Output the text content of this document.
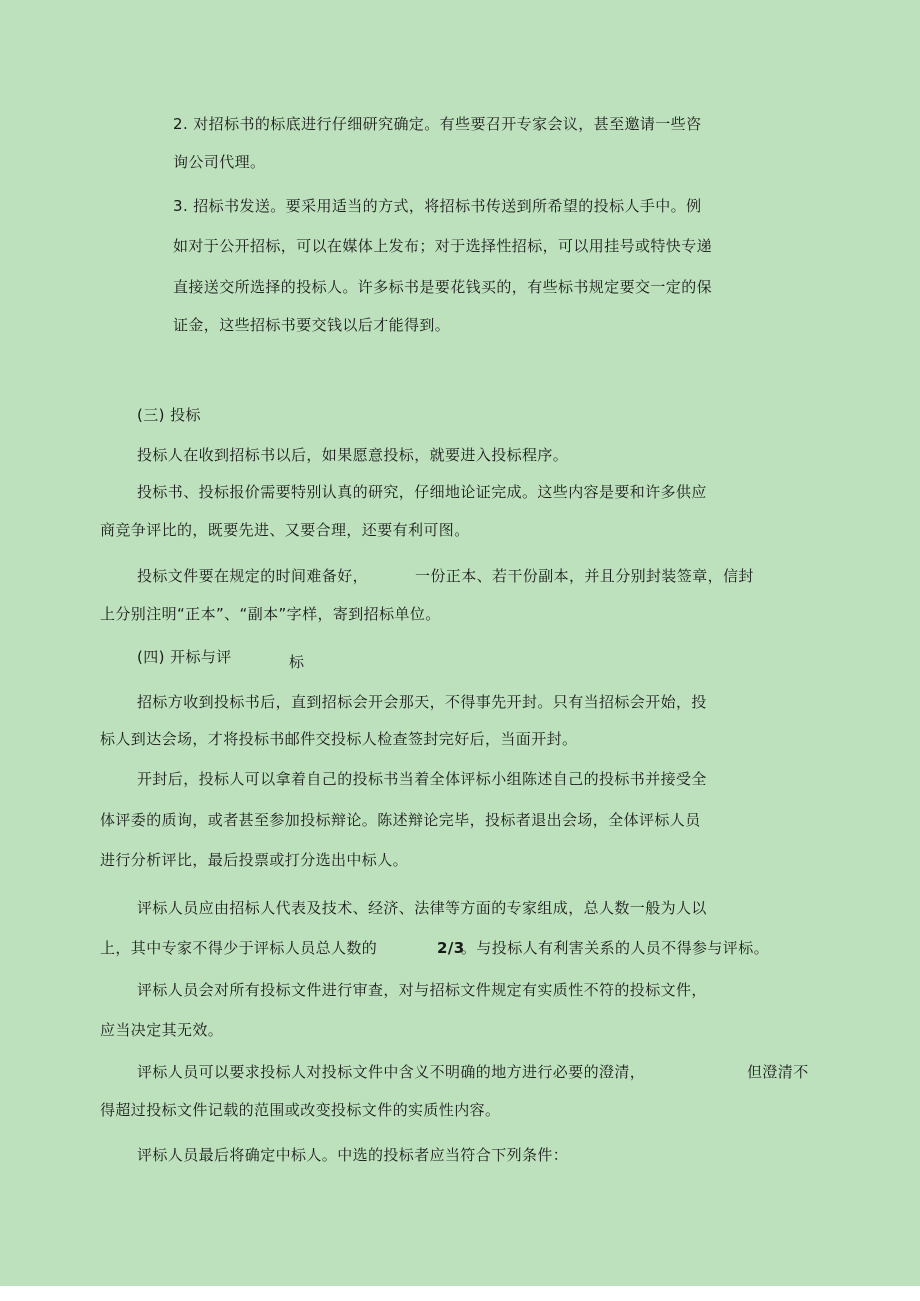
2. 对招标书的标底进行仔细研究确定。有些要召开专家会议，甚至邀请一些咨
询公司代理。
3. 招标书发送。要采用适当的方式，将招标书传送到所希望的投标人手中。例
如对于公开招标，可以在媒体上发布；对于选择性招标，可以用挂号或特快专递
直接送交所选择的投标人。许多标书是要花钱买的，有些标书规定要交一定的保
证金，这些招标书要交钱以后才能得到。
(三) 投标
投标人在收到招标书以后，如果愿意投标，就要进入投标程序。
投标书、投标报价需要特别认真的研究，仔细地论证完成。这些内容是要和许多供应
商竞争评比的，既要先进、又要合理，还要有利可图。
投标文件要在规定的时间难备好，	一份正本、若干份副本，并且分别封装签章，信封
上分别注明“正本”、“副本”字样，寄到招标单位。
(四) 开标与评	标
招标方收到投标书后，直到招标会开会那天，不得事先开封。只有当招标会开始，投
标人到达会场，才将投标书邮件交投标人检查签封完好后，当面开封。
开封后，投标人可以拿着自己的投标书当着全体评标小组陈述自己的投标书并接受全
体评委的质询，或者甚至参加投标辩论。陈述辩论完毕，投标者退出会场，全体评标人员
进行分析评比，最后投票或打分选出中标人。
评标人员应由招标人代表及技术、经济、法律等方面的专家组成，总人数一般为人以
上，其中专家不得少于评标人员总人数的	2/3
。与投标人有利害关系的人员不得参与评标。
评标人员会对所有投标文件进行审查，对与招标文件规定有实质性不符的投标文件，
应当决定其无效。
评标人员可以要求投标人对投标文件中含义不明确的地方进行必要的澄清，	但澄清不
得超过投标文件记载的范围或改变投标文件的实质性内容。
评标人员最后将确定中标人。中选的投标者应当符合下列条件：
